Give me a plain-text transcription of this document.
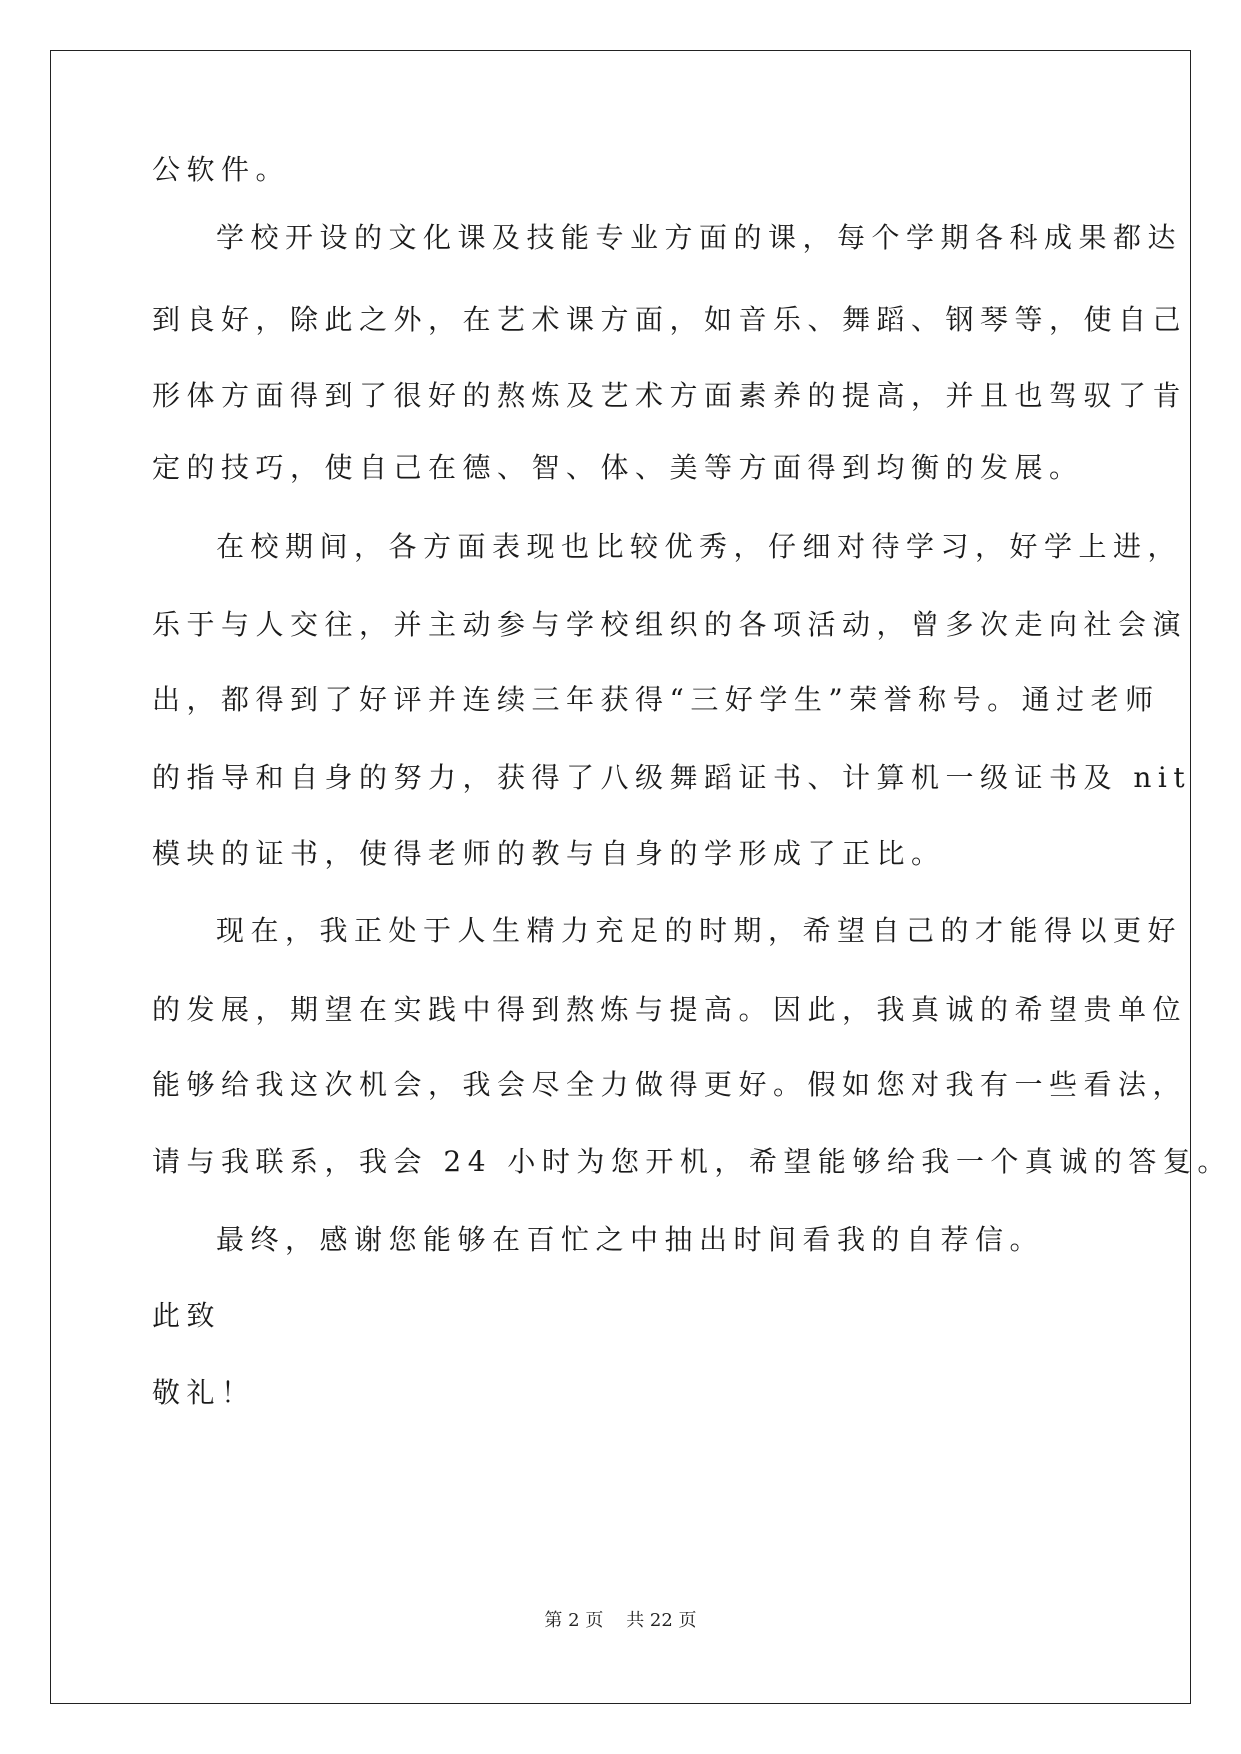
公软件。
学校开设的文化课及技能专业方面的课，每个学期各科成果都达
到良好，除此之外，在艺术课方面，如音乐、舞蹈、钢琴等，使自己
形体方面得到了很好的熬炼及艺术方面素养的提高，并且也驾驭了肯
定的技巧，使自己在德、智、体、美等方面得到均衡的发展。
在校期间，各方面表现也比较优秀，仔细对待学习，好学上进，
乐于与人交往，并主动参与学校组织的各项活动，曾多次走向社会演
出，都得到了好评并连续三年获得“三好学生”荣誉称号。通过老师
的指导和自身的努力，获得了八级舞蹈证书、计算机一级证书及 nit
模块的证书，使得老师的教与自身的学形成了正比。
现在，我正处于人生精力充足的时期，希望自己的才能得以更好
的发展，期望在实践中得到熬炼与提高。因此，我真诚的希望贵单位
能够给我这次机会，我会尽全力做得更好。假如您对我有一些看法，
请与我联系，我会 24 小时为您开机，希望能够给我一个真诚的答复。
最终，感谢您能够在百忙之中抽出时间看我的自荐信。
此致
敬礼！
第 2 页    共 22 页
